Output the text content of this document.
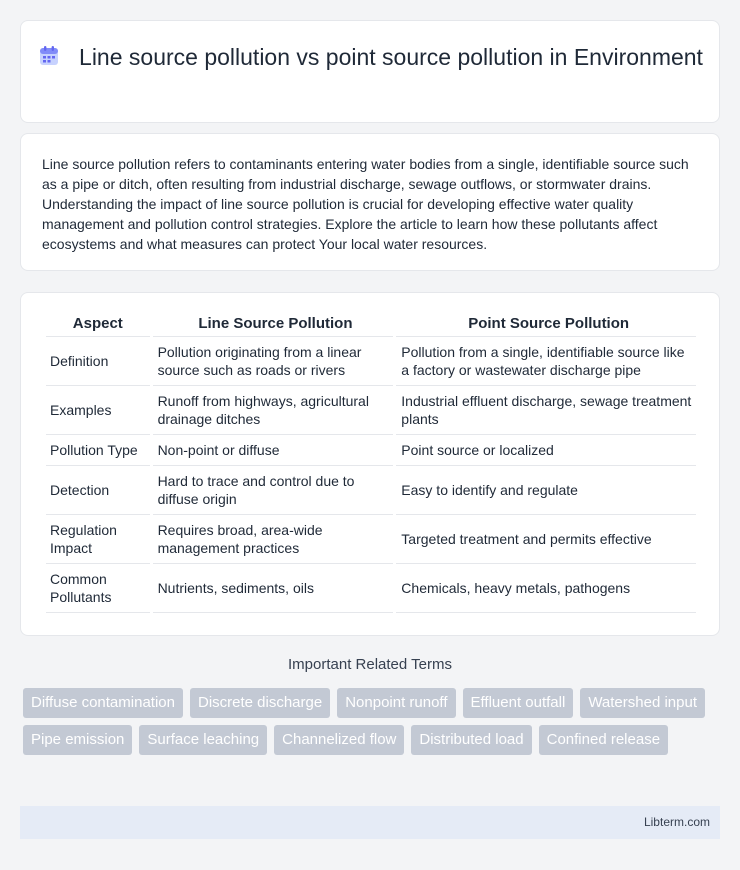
Line source pollution vs point source pollution in Environment

Line source pollution refers to contaminants entering water bodies from a single, identifiable source such as a pipe or ditch, often resulting from industrial discharge, sewage outflows, or stormwater drains. Understanding the impact of line source pollution is crucial for developing effective water quality management and pollution control strategies. Explore the article to learn how these pollutants affect ecosystems and what measures can protect Your local water resources.

Aspect	Line Source Pollution	Point Source Pollution
Definition	Pollution originating from a linear source such as roads or rivers	Pollution from a single, identifiable source like a factory or wastewater discharge pipe
Examples	Runoff from highways, agricultural drainage ditches	Industrial effluent discharge, sewage treatment plants
Pollution Type	Non-point or diffuse	Point source or localized
Detection	Hard to trace and control due to diffuse origin	Easy to identify and regulate
Regulation Impact	Requires broad, area-wide management practices	Targeted treatment and permits effective
Common Pollutants	Nutrients, sediments, oils	Chemicals, heavy metals, pathogens
Important Related Terms
Diffuse contamination	Discrete discharge	Nonpoint runoff	Effluent outfall	Watershed input
Pipe emission	Surface leaching	Channelized flow	Distributed load	Confined release
Libterm.com
